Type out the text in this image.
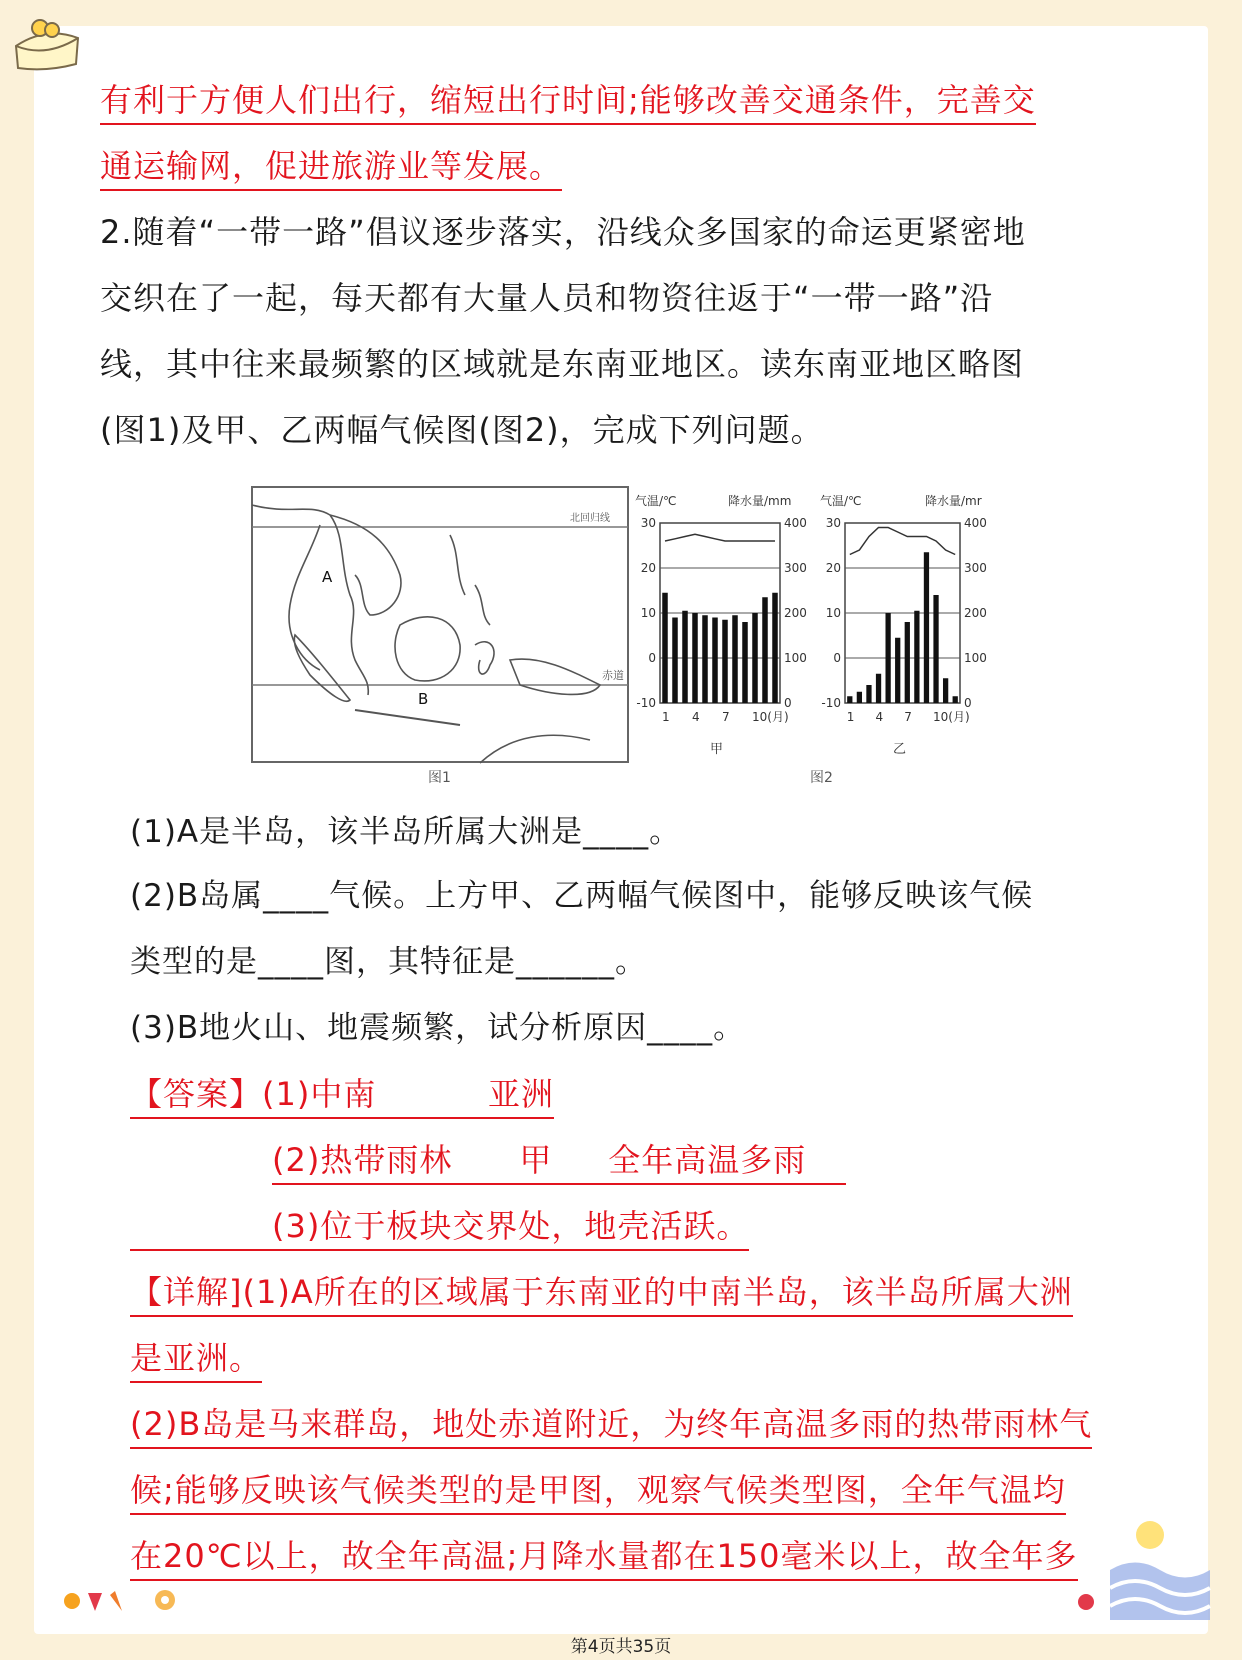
有利于方便人们出行，缩短出行时间;能够改善交通条件，完善交
通运输网，促进旅游业等发展。
2.随着“一带一路”倡议逐步落实，沿线众多国家的命运更紧密地
交织在了一起，每天都有大量人员和物资往返于“一带一路”沿
线，其中往来最频繁的区域就是东南亚地区。读东南亚地区略图
(图1)及甲、乙两幅气候图(图2)，完成下列问题。
北回归线
赤道
A
B
图1
气温/℃	降水量/mm 气温/℃	降水量/mr
30
20
10
0
-10
400
300
200
100
0
1 4 7 10(月)
30
20
10
0
-10
400
300
200
100
0
1 4 7 10(月)
甲	乙
图2
(1)A是半岛，该半岛所属大洲是____。
(2)B岛属____气候。上方甲、乙两幅气候图中，能够反映该气候
类型的是____图，其特征是______。
(3)B地火山、地震频繁，试分析原因____。
【答案】(1)中南          亚洲
(2)热带雨林      甲     全年高温多雨
(3)位于板块交界处，地壳活跃。
【详解](1)A所在的区域属于东南亚的中南半岛，该半岛所属大洲
是亚洲。
(2)B岛是马来群岛，地处赤道附近，为终年高温多雨的热带雨林气
候;能够反映该气候类型的是甲图，观察气候类型图，全年气温均
在20℃以上，故全年高温;月降水量都在150毫米以上，故全年多
第4页共35页
